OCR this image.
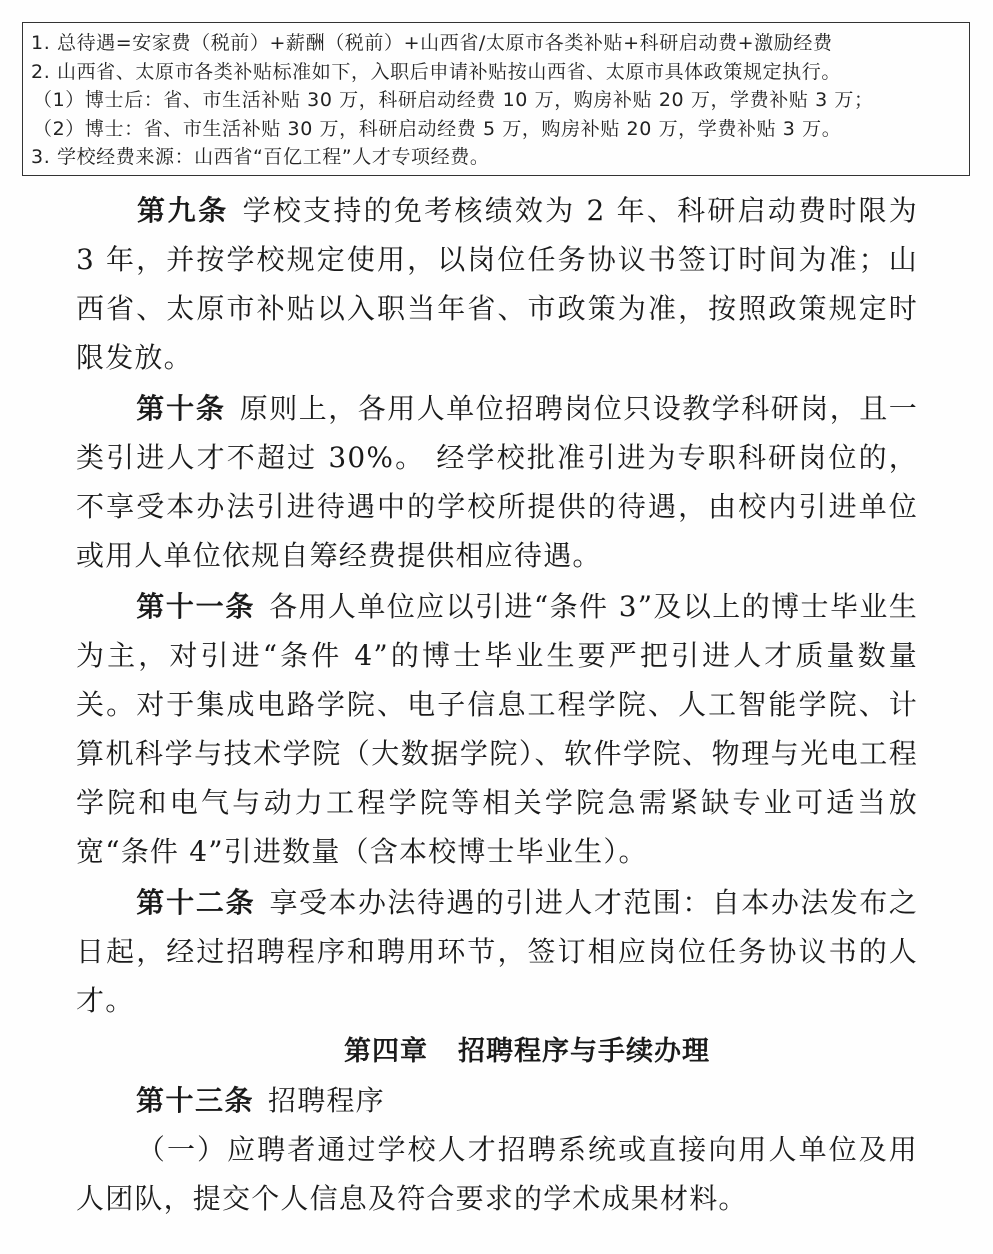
1. 总待遇=安家费（税前）+薪酬（税前）+山西省/太原市各类补贴+科研启动费+激励经费
2. 山西省、太原市各类补贴标准如下，入职后申请补贴按山西省、太原市具体政策规定执行。
（1）博士后：省、市生活补贴 30 万，科研启动经费 10 万，购房补贴 20 万，学费补贴 3 万；
（2）博士：省、市生活补贴 30 万，科研启动经费 5 万，购房补贴 20 万，学费补贴 3 万。
3. 学校经费来源：山西省“百亿工程”人才专项经费。

第九条 学校支持的免考核绩效为 2 年、科研启动费时限为 3 年，并按学校规定使用，以岗位任务协议书签订时间为准；山西省、太原市补贴以入职当年省、市政策为准，按照政策规定时限发放。

第十条 原则上，各用人单位招聘岗位只设教学科研岗，且一类引进人才不超过 30%。 经学校批准引进为专职科研岗位的，不享受本办法引进待遇中的学校所提供的待遇，由校内引进单位或用人单位依规自筹经费提供相应待遇。

第十一条 各用人单位应以引进“条件 3”及以上的博士毕业生为主，对引进“条件 4”的博士毕业生要严把引进人才质量数量关。对于集成电路学院、电子信息工程学院、人工智能学院、计算机科学与技术学院（大数据学院）、软件学院、物理与光电工程学院和电气与动力工程学院等相关学院急需紧缺专业可适当放宽“条件 4”引进数量（含本校博士毕业生）。

第十二条 享受本办法待遇的引进人才范围：自本办法发布之日起，经过招聘程序和聘用环节，签订相应岗位任务协议书的人才。

第四章 招聘程序与手续办理

第十三条 招聘程序

（一）应聘者通过学校人才招聘系统或直接向用人单位及用人团队，提交个人信息及符合要求的学术成果材料。
